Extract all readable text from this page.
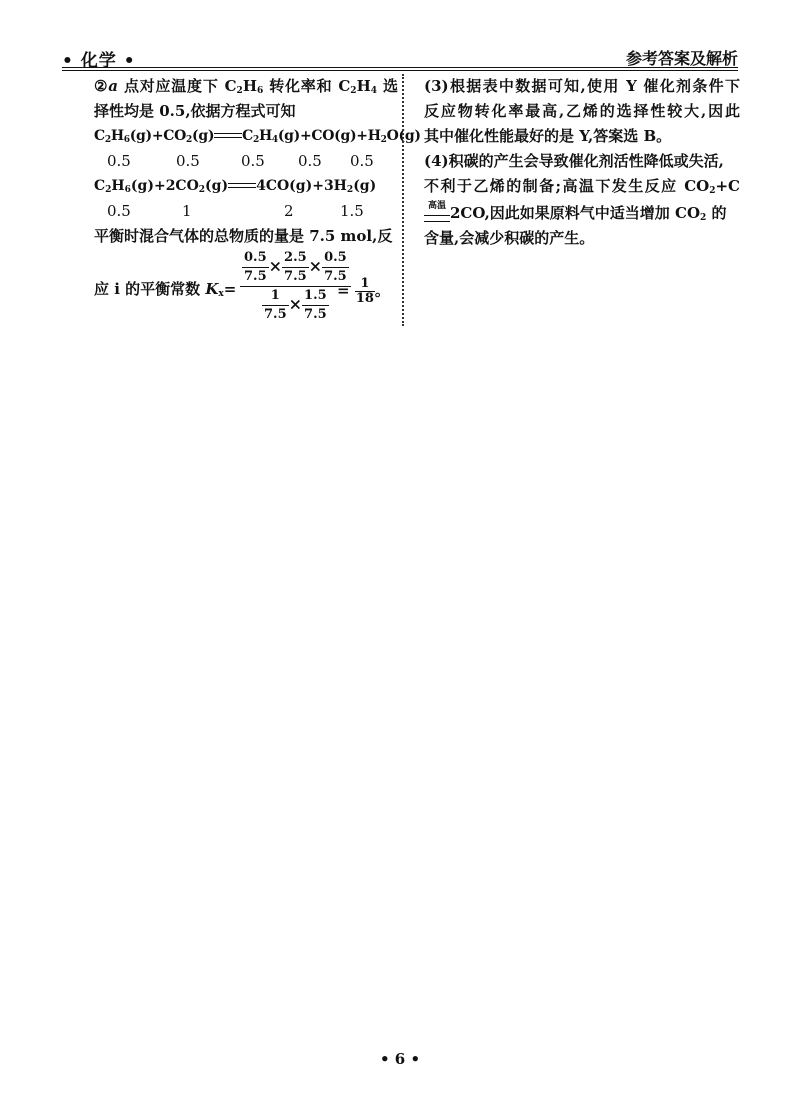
• 化学 •	参考答案及解析
②a 点对应温度下 $C_2H_6$ 转化率和 $C_2H_4$ 选
择性均是 0.5,依据方程式可知
$C_2H_6(g)+CO_2(g)$ $C_2H_4(g)+CO(g)+H_2O(g)$
0.5	0.5	0.5 0.5 0.5
$C_2H_6(g)+2CO_2(g)$ $4CO(g)+3H_2(g)$
0.5	1	2	1.5
平衡时混合气体的总物质的量是 7.5 mol,反
应 i 的平衡常数 $K_x=$
$\frac{0.5}{7.5} \times \frac{2.5}{7.5} \times \frac{0.5}{7.5}$
$\frac{1}{7.5} \times \frac{1.5}{7.5} = \frac{1}{18}$ 。
(3)根据表中数据可知,使用 Y 催化剂条件下
反应物转化率最高,乙烯的选择性较大,因此
其中催化性能最好的是 Y,答案选 B。
(4)积碳的产生会导致催化剂活性降低或失活,
不利于乙烯的制备;高温下发生反应 $CO_2+C$
高温 2CO,因此如果原料气中适当增加 $CO_2$ 的
含量,会减少积碳的产生。
• 6 •
